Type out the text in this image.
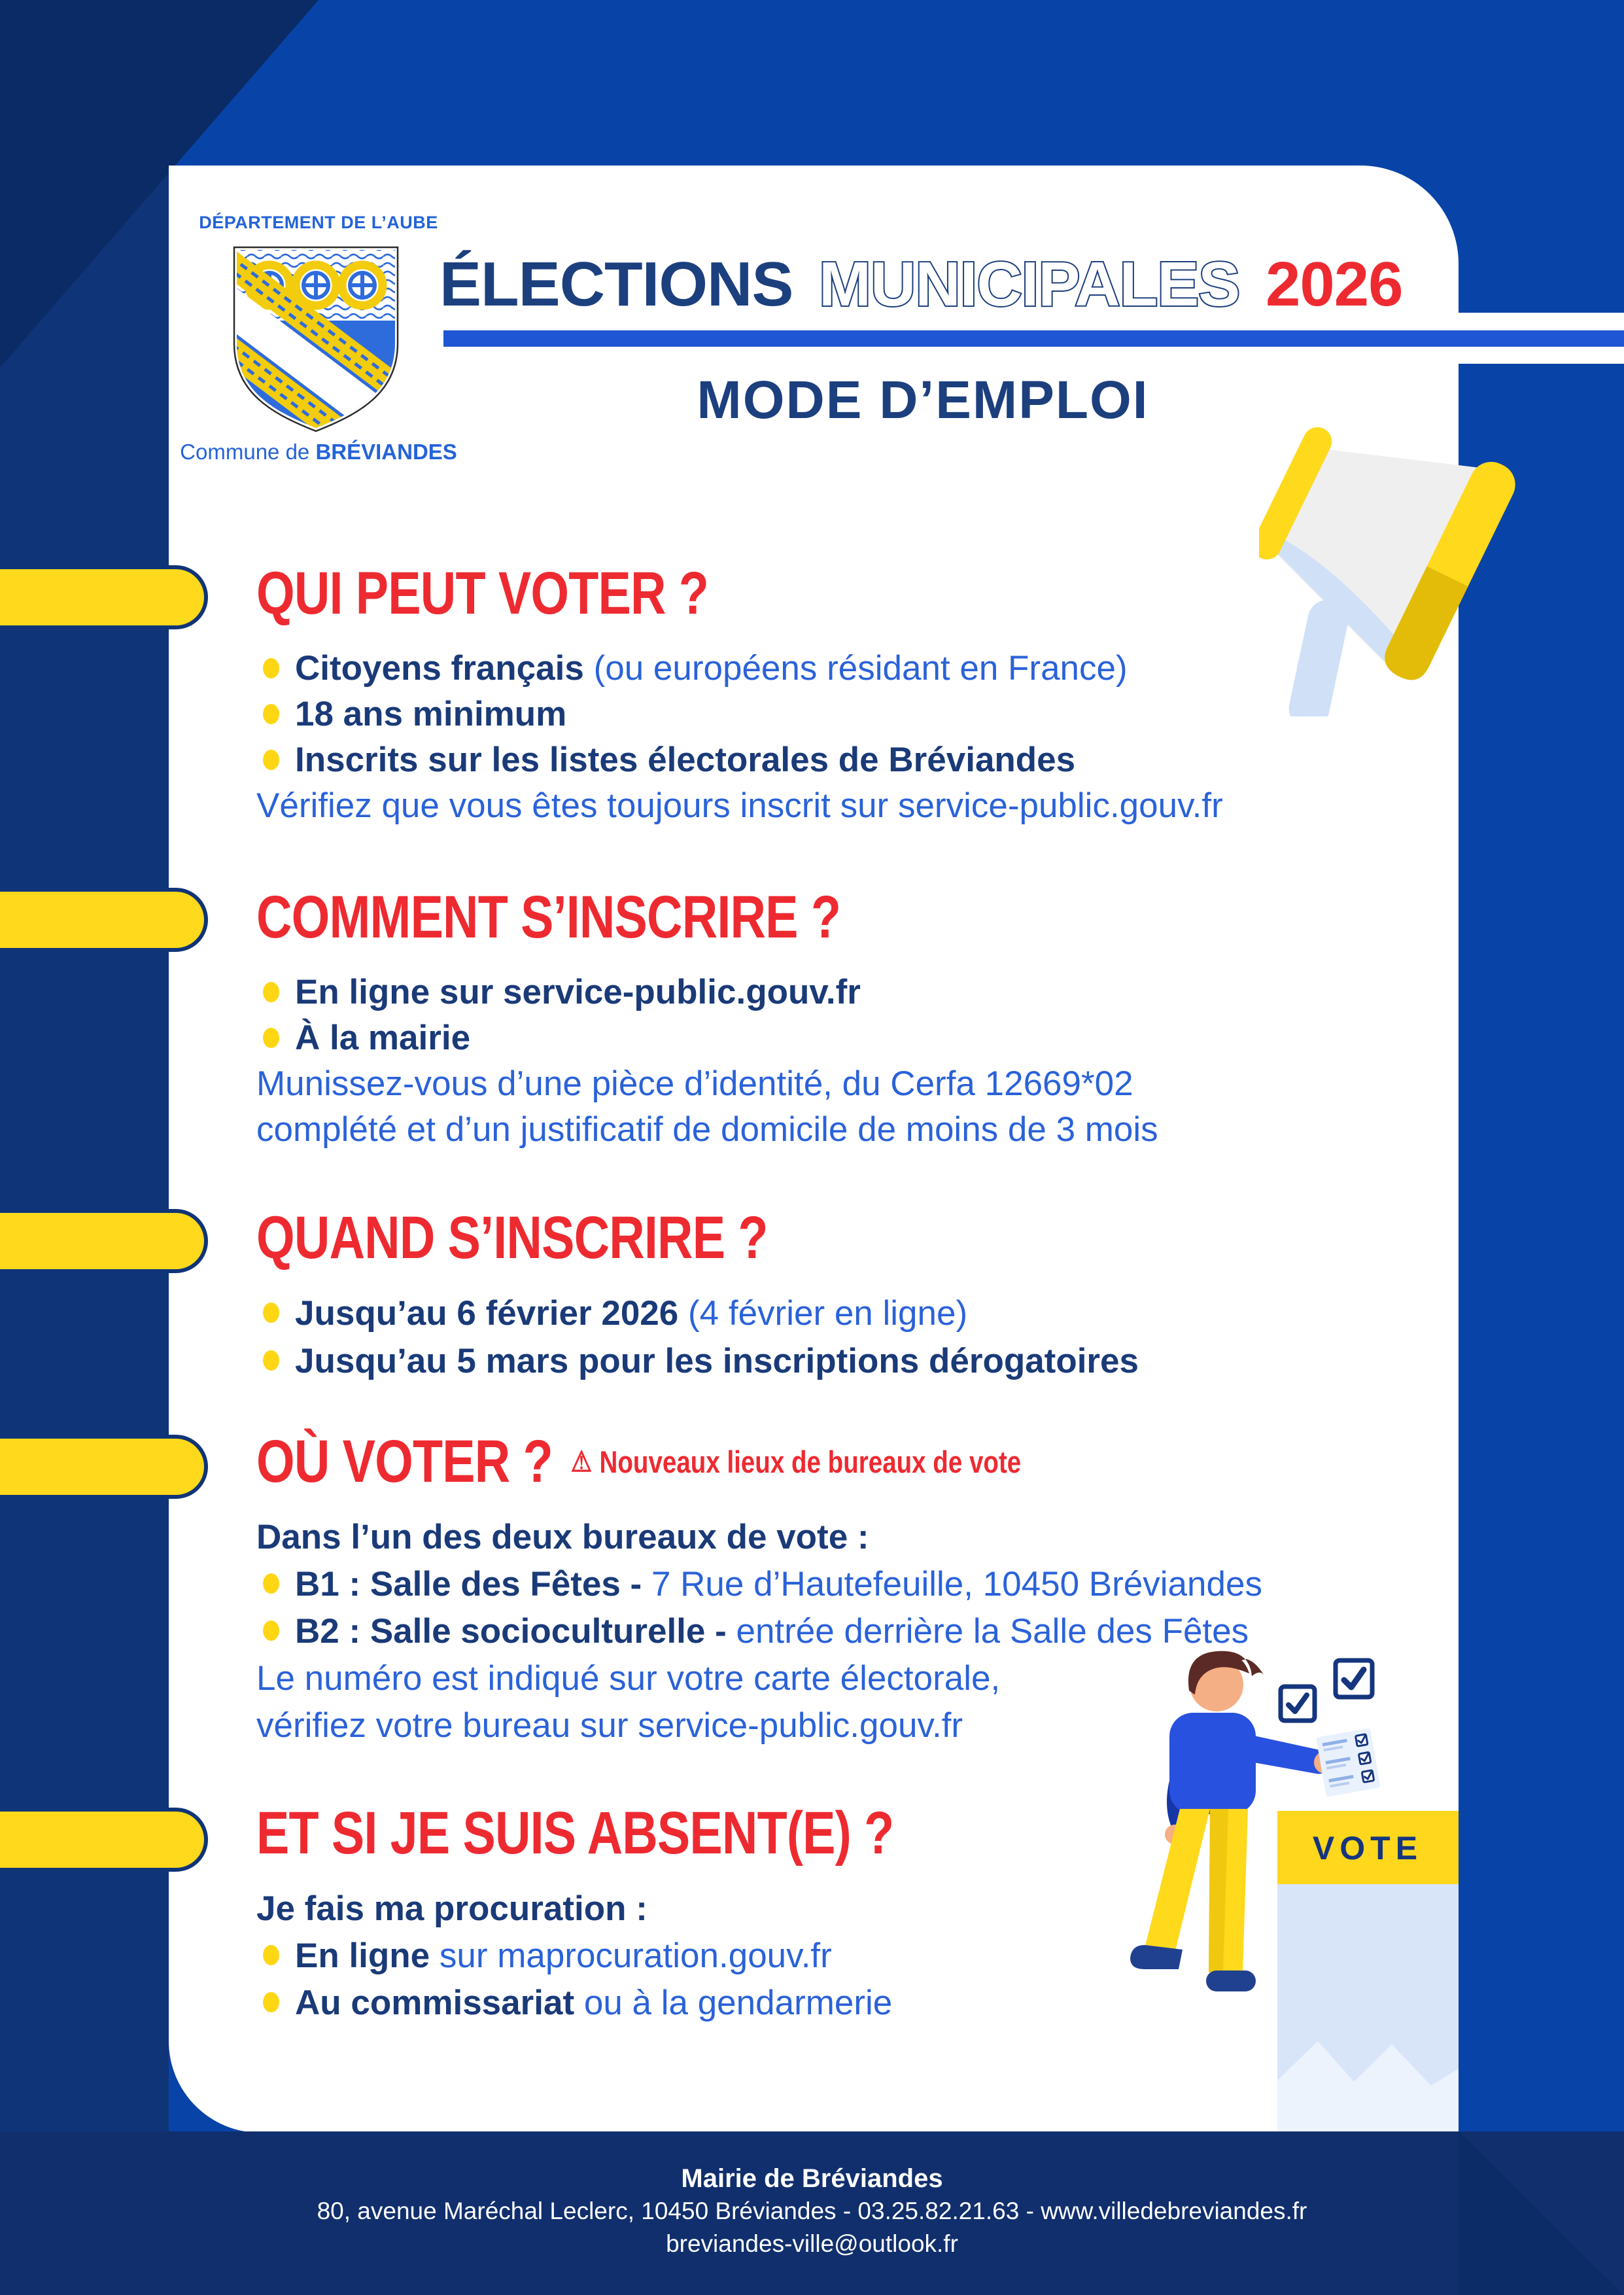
DÉPARTEMENT DE L’AUBE
Commune de BRÉVIANDES
ÉLECTIONS MUNICIPALES 2026
MODE D’EMPLOI
QUI PEUT VOTER ?
Citoyens français (ou européens résidant en France)
18 ans minimum
Inscrits sur les listes électorales de Bréviandes
Vérifiez que vous êtes toujours inscrit sur service-public.gouv.fr
COMMENT S’INSCRIRE ?
En ligne sur service-public.gouv.fr
À la mairie
Munissez-vous d’une pièce d’identité, du Cerfa 12669*02
complété et d’un justificatif de domicile de moins de 3 mois
QUAND S’INSCRIRE ?
Jusqu’au 6 février 2026 (4 février en ligne)
Jusqu’au 5 mars pour les inscriptions dérogatoires
OÙ VOTER ? ⚠ Nouveaux lieux de bureaux de vote
Dans l’un des deux bureaux de vote :
B1 : Salle des Fêtes - 7 Rue d’Hautefeuille, 10450 Bréviandes
B2 : Salle socioculturelle - entrée derrière la Salle des Fêtes
Le numéro est indiqué sur votre carte électorale,
vérifiez votre bureau sur service-public.gouv.fr
ET SI JE SUIS ABSENT(E) ?
Je fais ma procuration :
En ligne sur maprocuration.gouv.fr
Au commissariat ou à la gendarmerie
VOTE
Mairie de Bréviandes
80, avenue Maréchal Leclerc, 10450 Bréviandes - 03.25.82.21.63 - www.villedebreviandes.fr
breviandes-ville@outlook.fr
